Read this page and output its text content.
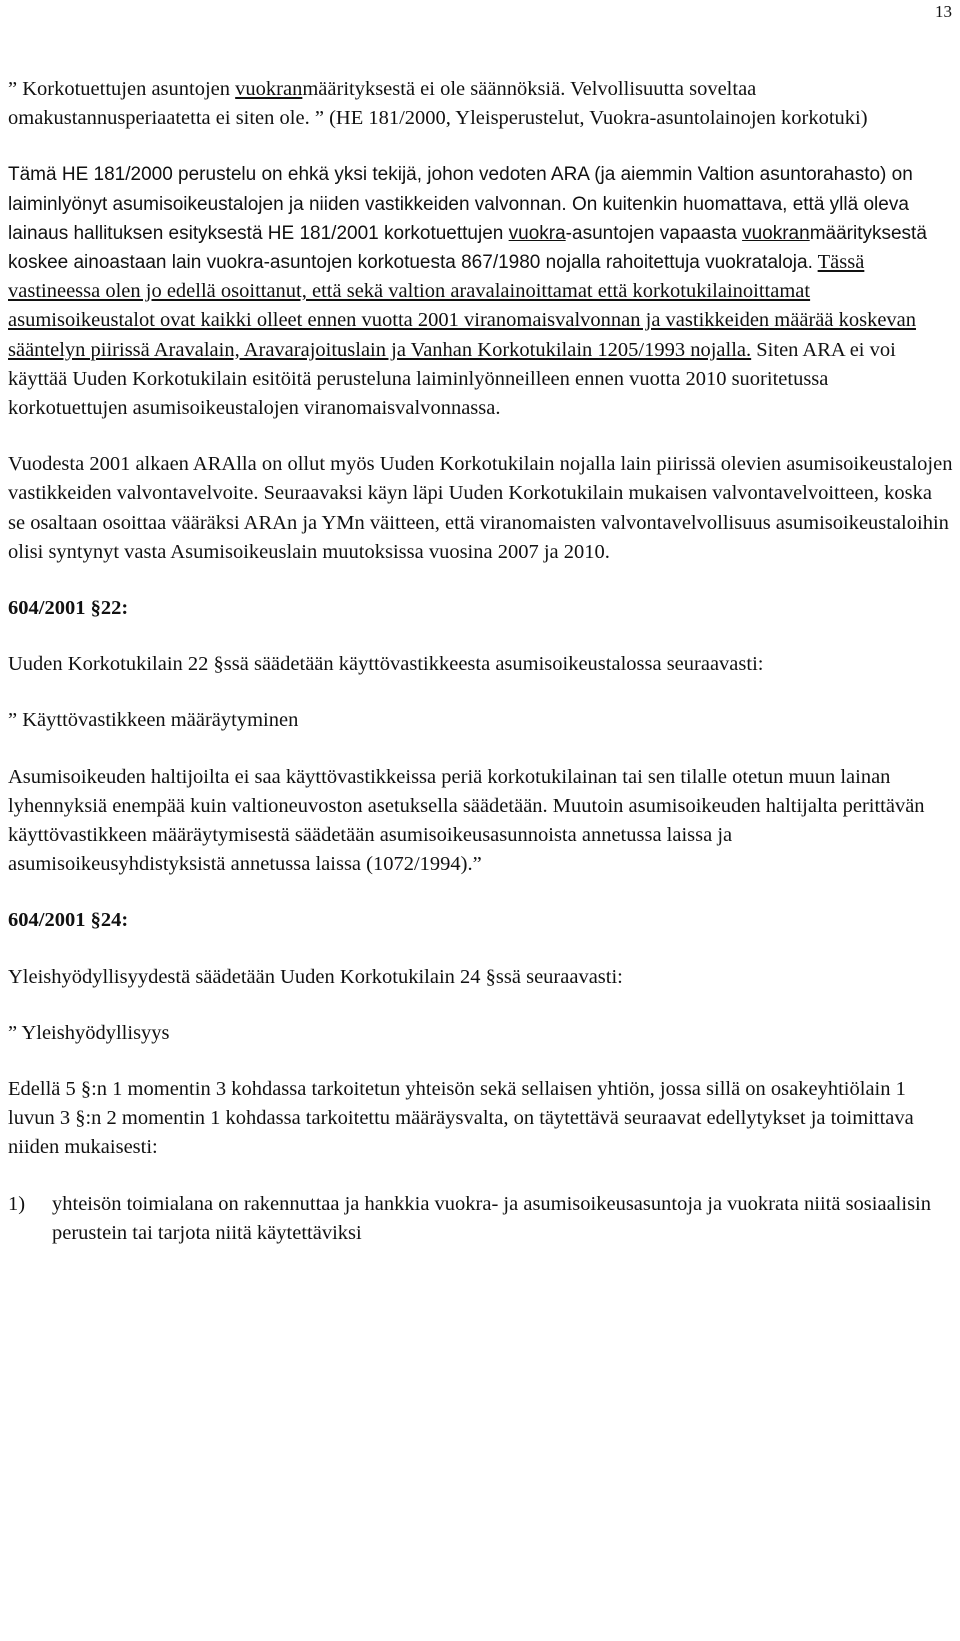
13

” Korkotuettujen asuntojen vuokranmäärityksestä ei ole säännöksiä. Velvollisuutta soveltaa omakustannusperiaatetta ei siten ole. ” (HE 181/2000, Yleisperustelut, Vuokra-asuntolainojen korkotuki)

Tämä HE 181/2000 perustelu on ehkä yksi tekijä, johon vedoten ARA (ja aiemmin Valtion asuntorahasto) on laiminlyönyt asumisoikeustalojen ja niiden vastikkeiden valvonnan. On kuitenkin huomattava, että yllä oleva lainaus hallituksen esityksestä HE 181/2001 korkotuettujen vuokra-asuntojen vapaasta vuokranmäärityksestä koskee ainoastaan lain vuokra-asuntojen korkotuesta 867/1980 nojalla rahoitettuja vuokrataloja. Tässä vastineessa olen jo edellä osoittanut, että sekä valtion aravalainoittamat että korkotukilainoittamat asumisoikeustalot ovat kaikki olleet ennen vuotta 2001 viranomaisvalvonnan ja vastikkeiden määrää koskevan sääntelyn piirissä Aravalain, Aravarajoituslain ja Vanhan Korkotukilain 1205/1993 nojalla. Siten ARA ei voi käyttää Uuden Korkotukilain esitöitä perusteluna laiminlyönneilleen ennen vuotta 2010 suoritetussa korkotuettujen asumisoikeustalojen viranomaisvalvonnassa.

Vuodesta 2001 alkaen ARAlla on ollut myös Uuden Korkotukilain nojalla lain piirissä olevien asumisoikeustalojen vastikkeiden valvontavelvoite. Seuraavaksi käyn läpi Uuden Korkotukilain mukaisen valvontavelvoitteen, koska se osaltaan osoittaa vääräksi ARAn ja YMn väitteen, että viranomaisten valvontavelvollisuus asumisoikeustaloihin olisi syntynyt vasta Asumisoikeuslain muutoksissa vuosina 2007 ja 2010.

604/2001 §22:

Uuden Korkotukilain 22 §ssä säädetään käyttövastikkeesta asumisoikeustalossa seuraavasti:

” Käyttövastikkeen määräytyminen

Asumisoikeuden haltijoilta ei saa käyttövastikkeissa periä korkotukilainan tai sen tilalle otetun muun lainan lyhennyksiä enempää kuin valtioneuvoston asetuksella säädetään. Muutoin asumisoikeuden haltijalta perittävän käyttövastikkeen määräytymisestä säädetään asumisoikeusasunnoista annetussa laissa ja asumisoikeusyhdistyksistä annetussa laissa (1072/1994).”

604/2001 §24:

Yleishyödyllisyydestä säädetään Uuden Korkotukilain 24 §ssä seuraavasti:

” Yleishyödyllisyys

Edellä 5 §:n 1 momentin 3 kohdassa tarkoitetun yhteisön sekä sellaisen yhtiön, jossa sillä on osakeyhtiölain 1 luvun 3 §:n 2 momentin 1 kohdassa tarkoitettu määräysvalta, on täytettävä seuraavat edellytykset ja toimittava niiden mukaisesti:

1)	yhteisön toimialana on rakennuttaa ja hankkia vuokra- ja asumisoikeusasuntoja ja vuokrata niitä sosiaalisin perustein tai tarjota niitä käytettäviksi
